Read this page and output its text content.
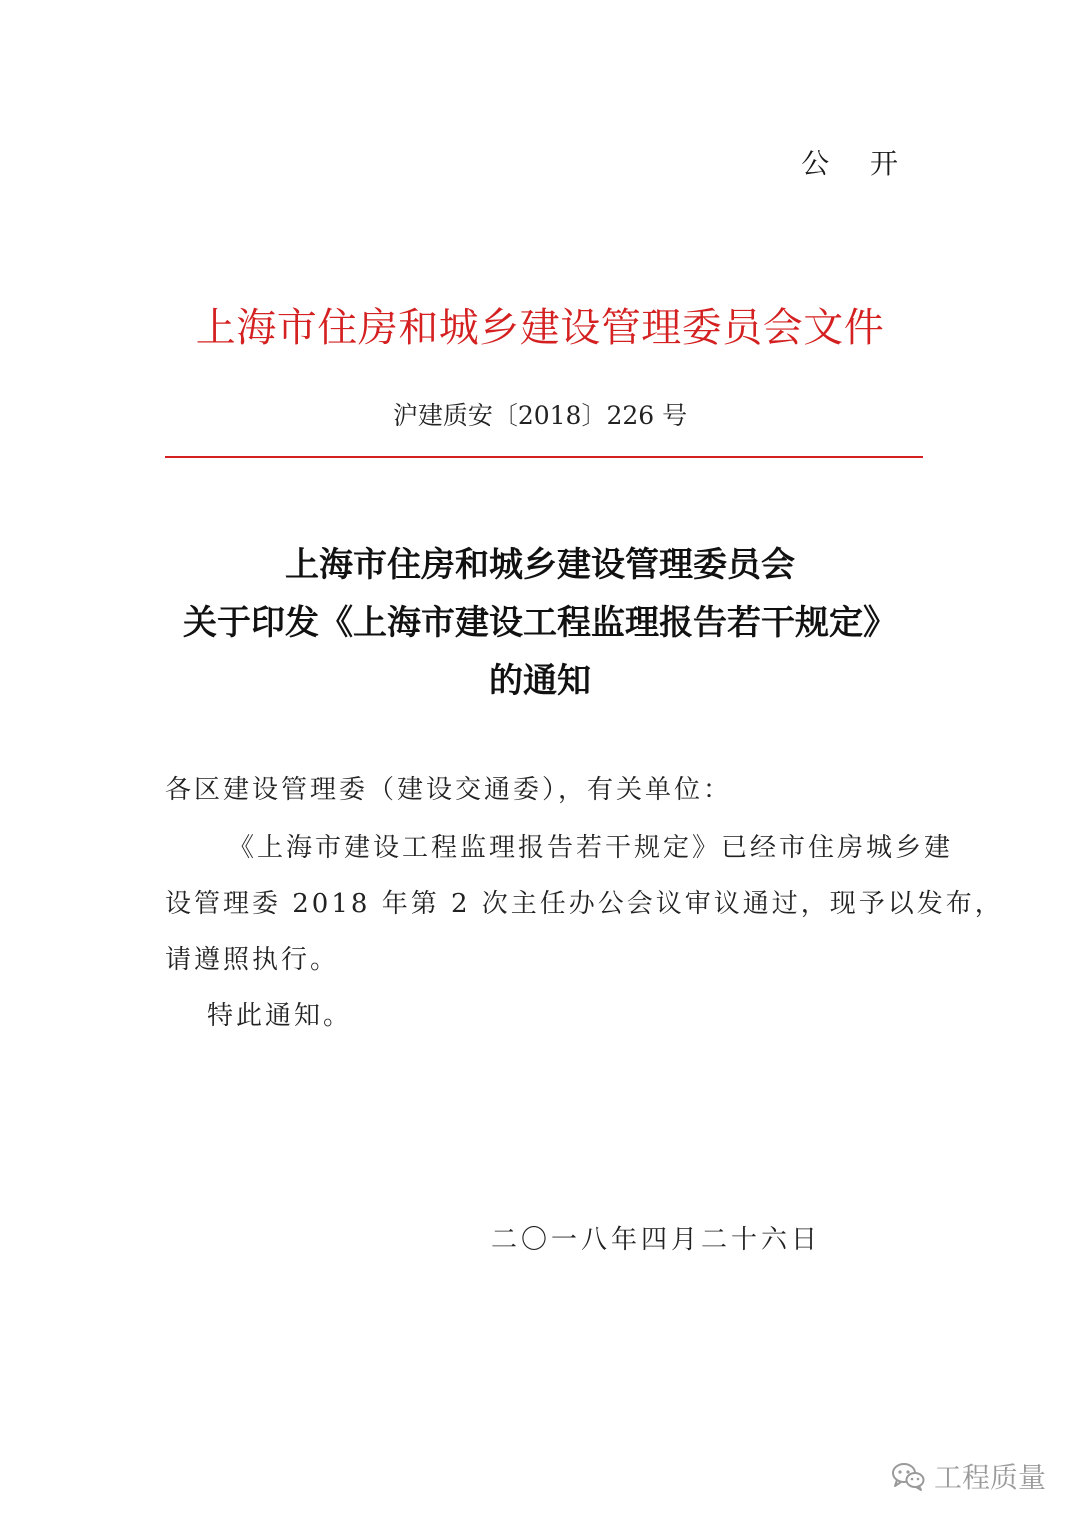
公 开
上海市住房和城乡建设管理委员会文件
沪建质安〔2018〕226 号
上海市住房和城乡建设管理委员会
关于印发《上海市建设工程监理报告若干规定》
的通知
各区建设管理委（建设交通委），有关单位：
《上海市建设工程监理报告若干规定》已经市住房城乡建
设管理委 2018 年第 2 次主任办公会议审议通过，现予以发布，
请遵照执行。
特此通知。
二〇一八年四月二十六日
工程质量
